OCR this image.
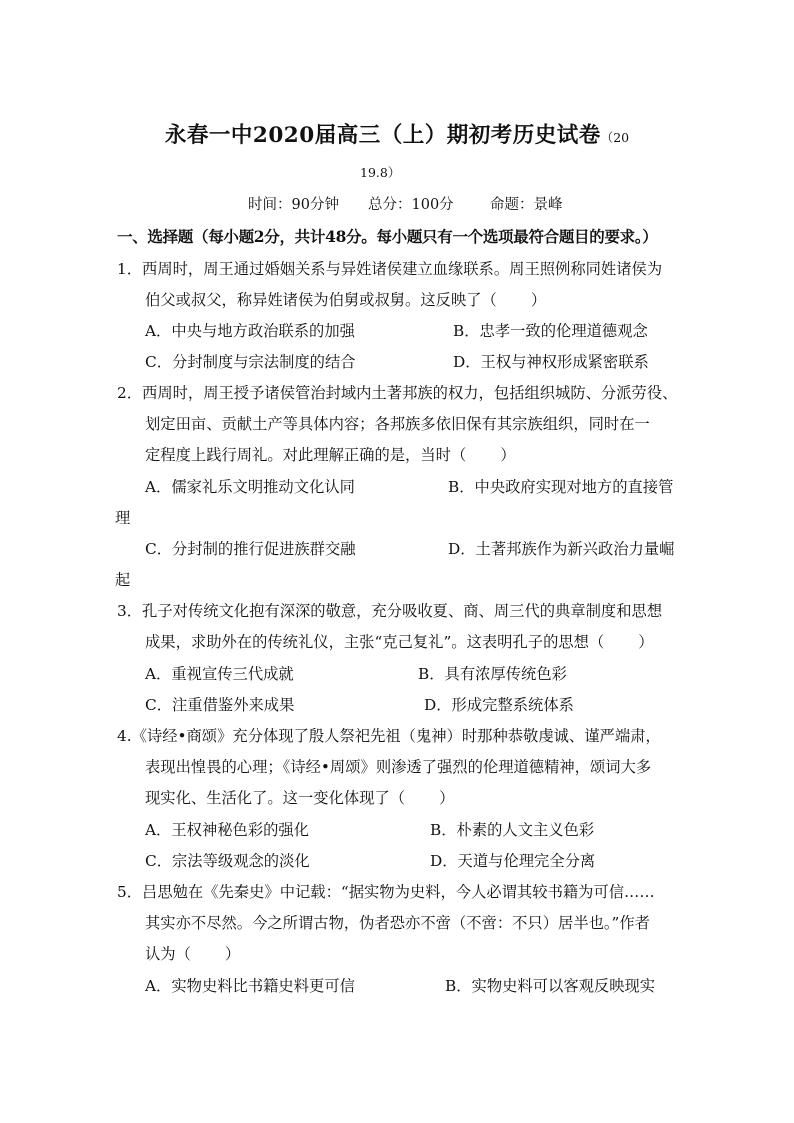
永春一中2020届高三（上）期初考历史试卷（20
19.8）
时间：90分钟 总分：100分	命题：景峰
一、选择题（每小题2分，共计48分。每小题只有一个选项最符合题目的要求。）
1．西周时，周王通过婚姻关系与异姓诸侯建立血缘联系。周王照例称同姓诸侯为
伯父或叔父，称异姓诸侯为伯舅或叔舅。这反映了（ ）
A．中央与地方政治联系的加强	B．忠孝一致的伦理道德观念
C．分封制度与宗法制度的结合	D．王权与神权形成紧密联系
2．西周时，周王授予诸侯管治封域内土著邦族的权力，包括组织城防、分派劳役、
划定田亩、贡献土产等具体内容；各邦族多依旧保有其宗族组织，同时在一
定程度上践行周礼。对此理解正确的是，当时（ ）
A．儒家礼乐文明推动文化认同	B．中央政府实现对地方的直接管
理
C．分封制的推行促进族群交融	D．土著邦族作为新兴政治力量崛
起
3．孔子对传统文化抱有深深的敬意，充分吸收夏、商、周三代的典章制度和思想
成果，求助外在的传统礼仪，主张“克己复礼”。这表明孔子的思想（ ）
A．重视宣传三代成就	B．具有浓厚传统色彩
C．注重借鉴外来成果	D．形成完整系统体系
4.《诗经•商颂》充分体现了殷人祭祀先祖（鬼神）时那种恭敬虔诚、谨严端肃，
表现出惶畏的心理；《诗经•周颂》则渗透了强烈的伦理道德精神，颂词大多
现实化、生活化了。这一变化体现了（ ）
A．王权神秘色彩的强化	B．朴素的人文主义色彩
C．宗法等级观念的淡化	D．天道与伦理完全分离
5．吕思勉在《先秦史》中记载：“据实物为史料，今人必谓其较书籍为可信……
其实亦不尽然。今之所谓古物，伪者恐亦不啻（不啻：不只）居半也。”作者
认为（ ）
A．实物史料比书籍史料更可信	B．实物史料可以客观反映现实
